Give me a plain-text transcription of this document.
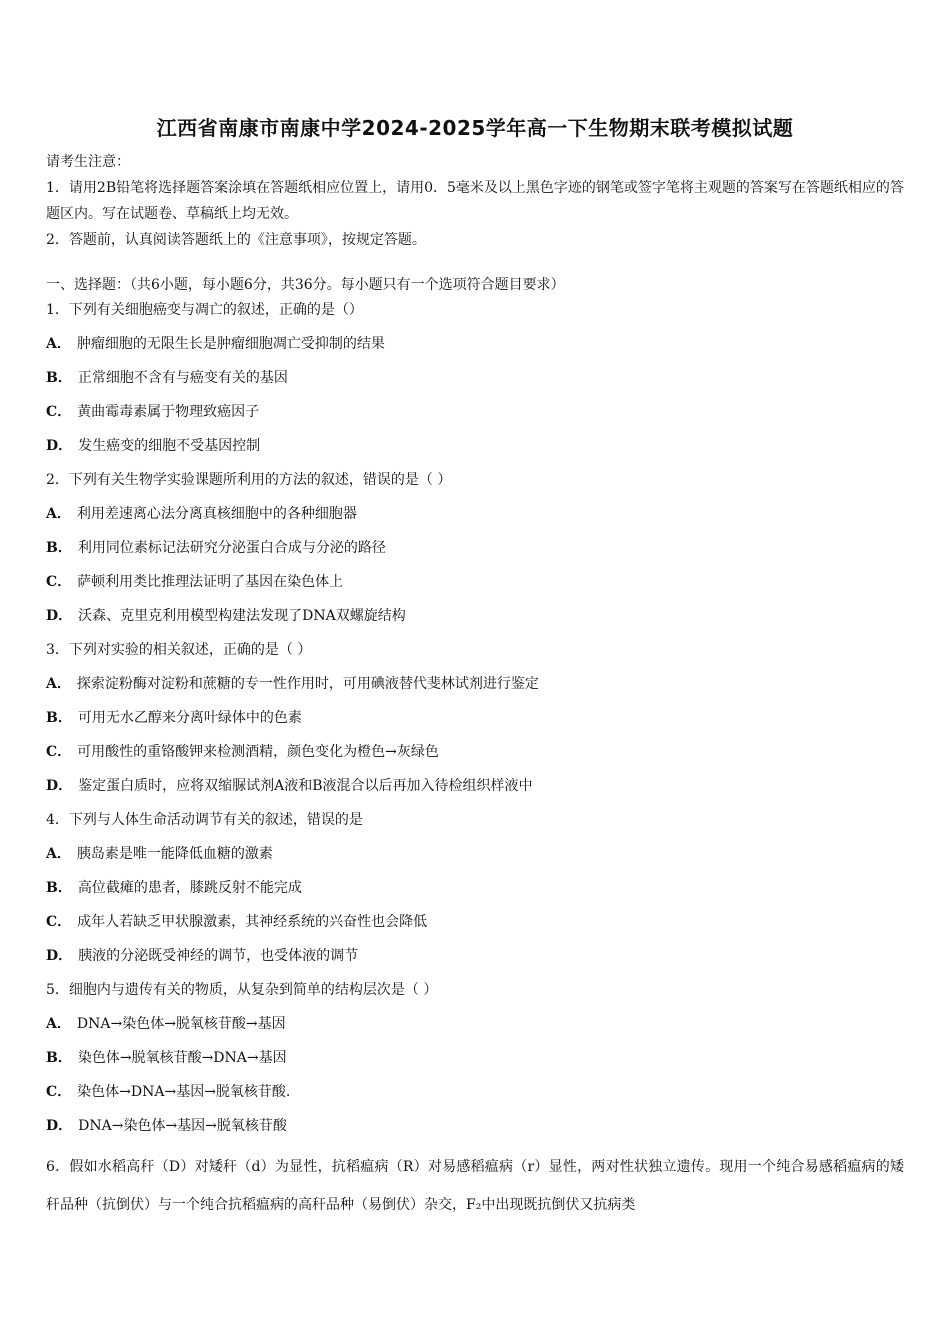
江西省南康市南康中学2024-2025学年高一下生物期末联考模拟试题

请考生注意：

1．请用2B铅笔将选择题答案涂填在答题纸相应位置上，请用0．5毫米及以上黑色字迹的钢笔或签字笔将主观题的答案写在答题纸相应的答题区内。写在试题卷、草稿纸上均无效。

2．答题前，认真阅读答题纸上的《注意事项》，按规定答题。

一、选择题：（共6小题，每小题6分，共36分。每小题只有一个选项符合题目要求）
1．下列有关细胞癌变与凋亡的叙述，正确的是（）
A． 肿瘤细胞的无限生长是肿瘤细胞凋亡受抑制的结果
B． 正常细胞不含有与癌变有关的基因
C． 黄曲霉毒素属于物理致癌因子
D． 发生癌变的细胞不受基因控制
2．下列有关生物学实验课题所利用的方法的叙述，错误的是（ ）
A． 利用差速离心法分离真核细胞中的各种细胞器
B． 利用同位素标记法研究分泌蛋白合成与分泌的路径
C． 萨顿利用类比推理法证明了基因在染色体上
D． 沃森、克里克利用模型构建法发现了DNA双螺旋结构
3．下列对实验的相关叙述，正确的是（ ）
A． 探索淀粉酶对淀粉和蔗糖的专一性作用时，可用碘液替代斐林试剂进行鉴定
B． 可用无水乙醇来分离叶绿体中的色素
C． 可用酸性的重铬酸钾来检测酒精，颜色变化为橙色→灰绿色
D． 鉴定蛋白质时，应将双缩脲试剂A液和B液混合以后再加入待检组织样液中
4．下列与人体生命活动调节有关的叙述，错误的是
A． 胰岛素是唯一能降低血糖的激素
B． 高位截瘫的患者，膝跳反射不能完成
C． 成年人若缺乏甲状腺激素，其神经系统的兴奋性也会降低
D． 胰液的分泌既受神经的调节，也受体液的调节
5．细胞内与遗传有关的物质，从复杂到简单的结构层次是（ ）
A． DNA→染色体→脱氧核苷酸→基因
B． 染色体→脱氧核苷酸→DNA→基因
C． 染色体→DNA→基因→脱氧核苷酸.
D． DNA→染色体→基因→脱氧核苷酸
6．假如水稻高秆（D）对矮秆（d）为显性，抗稻瘟病（R）对易感稻瘟病（r）显性，两对性状独立遗传。现用一个纯合易感稻瘟病的矮秆品种（抗倒伏）与一个纯合抗稻瘟病的高秆品种（易倒伏）杂交，F₂中出现既抗倒伏又抗病类
